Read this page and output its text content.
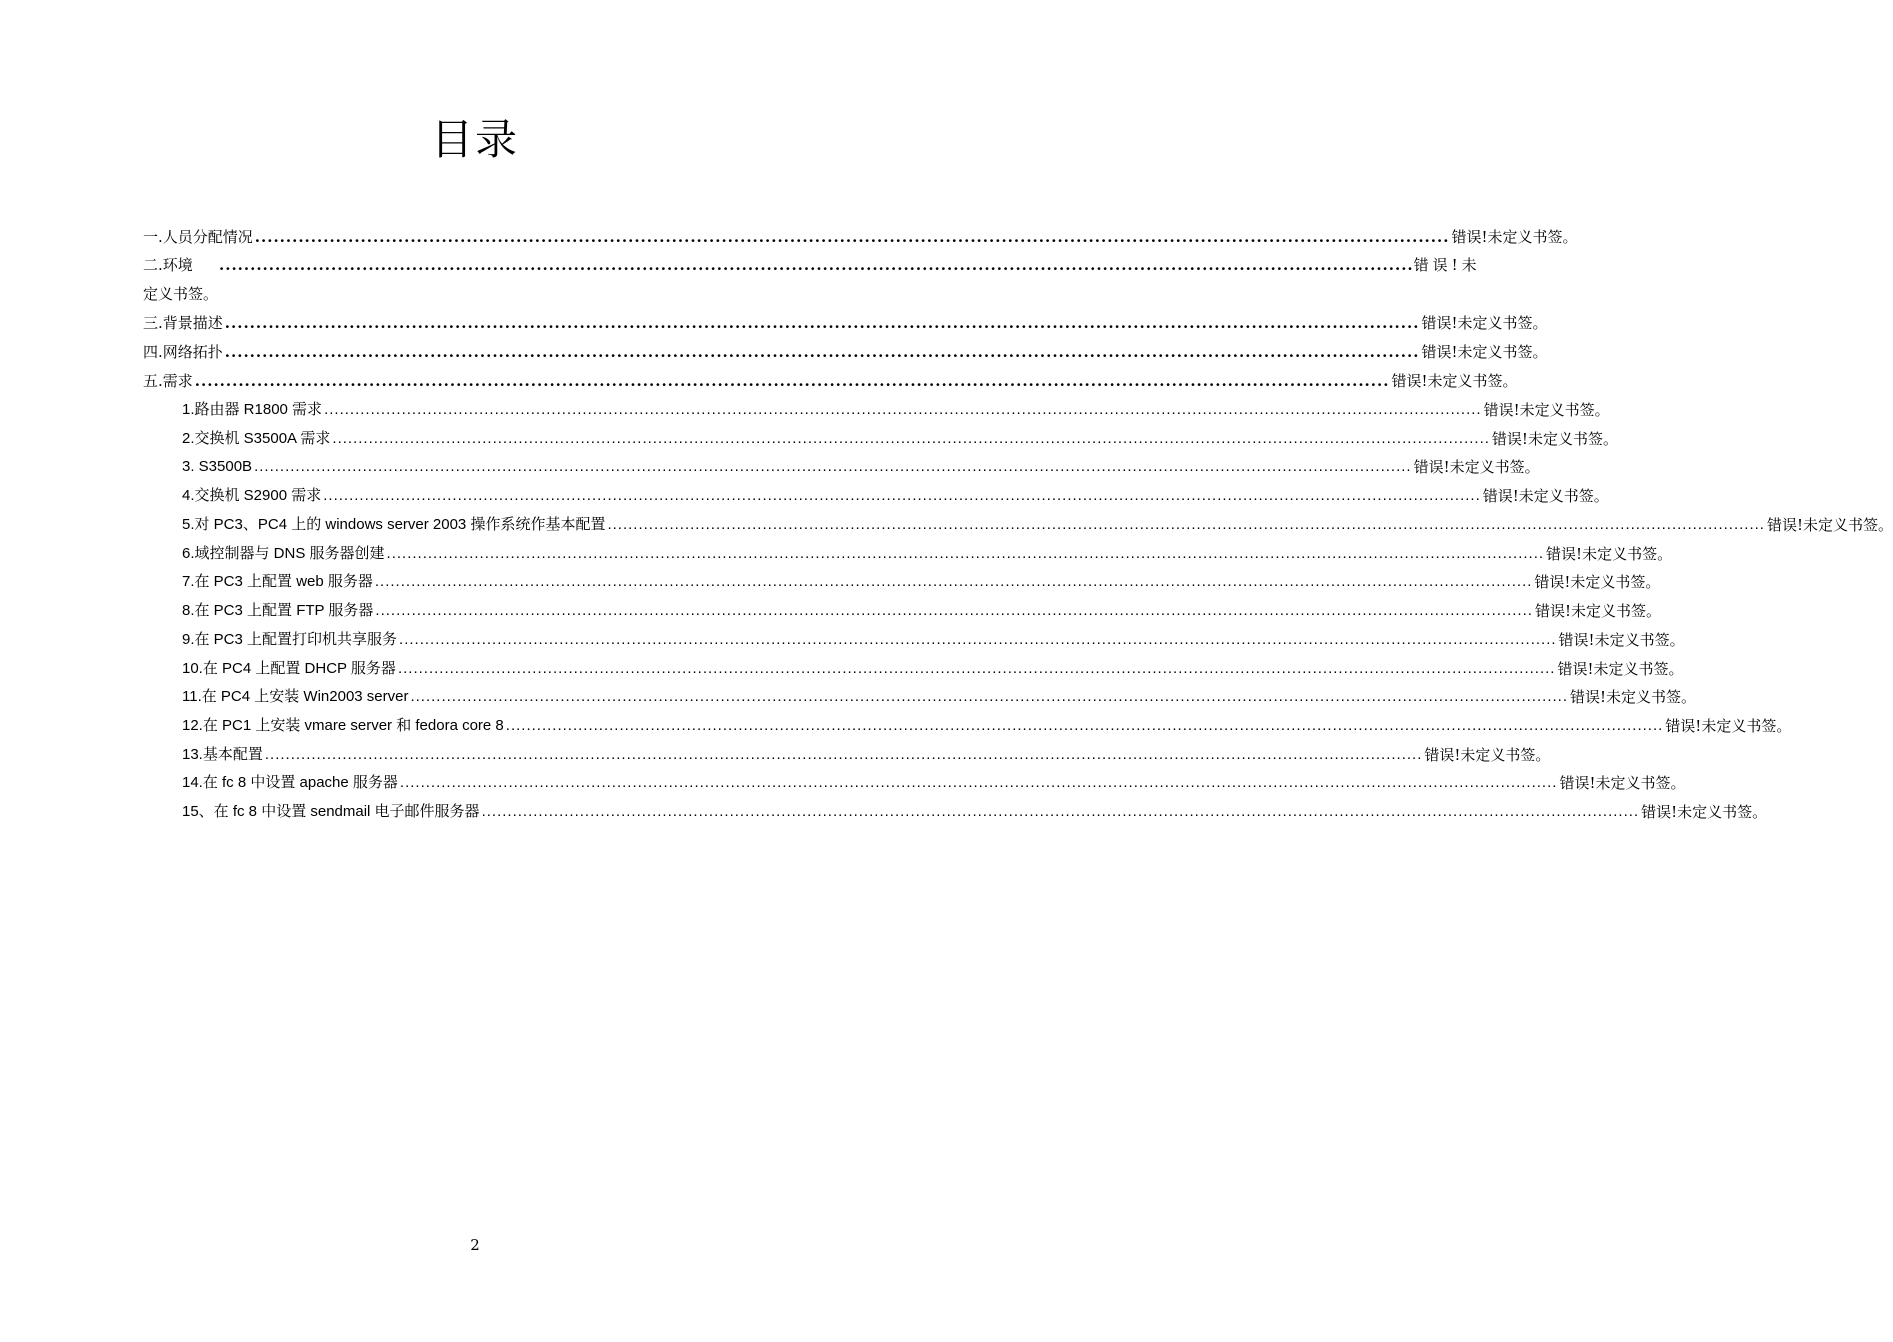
目录
一.人员分配情况 ................................................................................................................................................................................................ 错误!未定义书签。
二.环境	................................................................................................................................................................................................ 错误!未
定义书签。
三.背景描述 ................................................................................................................................................................................................ 错误!未定义书签。
四.网络拓扑 ................................................................................................................................................................................................ 错误!未定义书签。
五.需求 ................................................................................................................................................................................................ 错误!未定义书签。
1.路由器 R1800 需求 ................................................................................................................................................................................................................................ 错误!未定义书签。
2.交换机 S3500A 需求 ................................................................................................................................................................................................................................ 错误!未定义书签。
3. S3500B ................................................................................................................................................................................................................................ 错误!未定义书签。
4.交换机 S2900 需求 ................................................................................................................................................................................................................................ 错误!未定义书签。
5.对 PC3、PC4 上的 windows server 2003 操作系统作基本配置 ................................................................................................................................................................................................................................ 错误!未定义书签。
6.域控制器与 DNS 服务器创建 ................................................................................................................................................................................................................................ 错误!未定义书签。
7.在 PC3 上配置 web 服务器 ................................................................................................................................................................................................................................ 错误!未定义书签。
8.在 PC3 上配置 FTP 服务器 ................................................................................................................................................................................................................................ 错误!未定义书签。
9.在 PC3 上配置打印机共享服务 ................................................................................................................................................................................................................................ 错误!未定义书签。
10.在 PC4 上配置 DHCP 服务器 ................................................................................................................................................................................................................................ 错误!未定义书签。
11.在 PC4 上安装 Win2003 server ................................................................................................................................................................................................................................ 错误!未定义书签。
12.在 PC1 上安装 vmare server 和 fedora core 8 ................................................................................................................................................................................................................................ 错误!未定义书签。
13.基本配置 ................................................................................................................................................................................................................................ 错误!未定义书签。
14.在 fc 8 中设置 apache 服务器 ................................................................................................................................................................................................................................ 错误!未定义书签。
15、在 fc 8 中设置 sendmail 电子邮件服务器 ................................................................................................................................................................................................................................ 错误!未定义书签。
2
